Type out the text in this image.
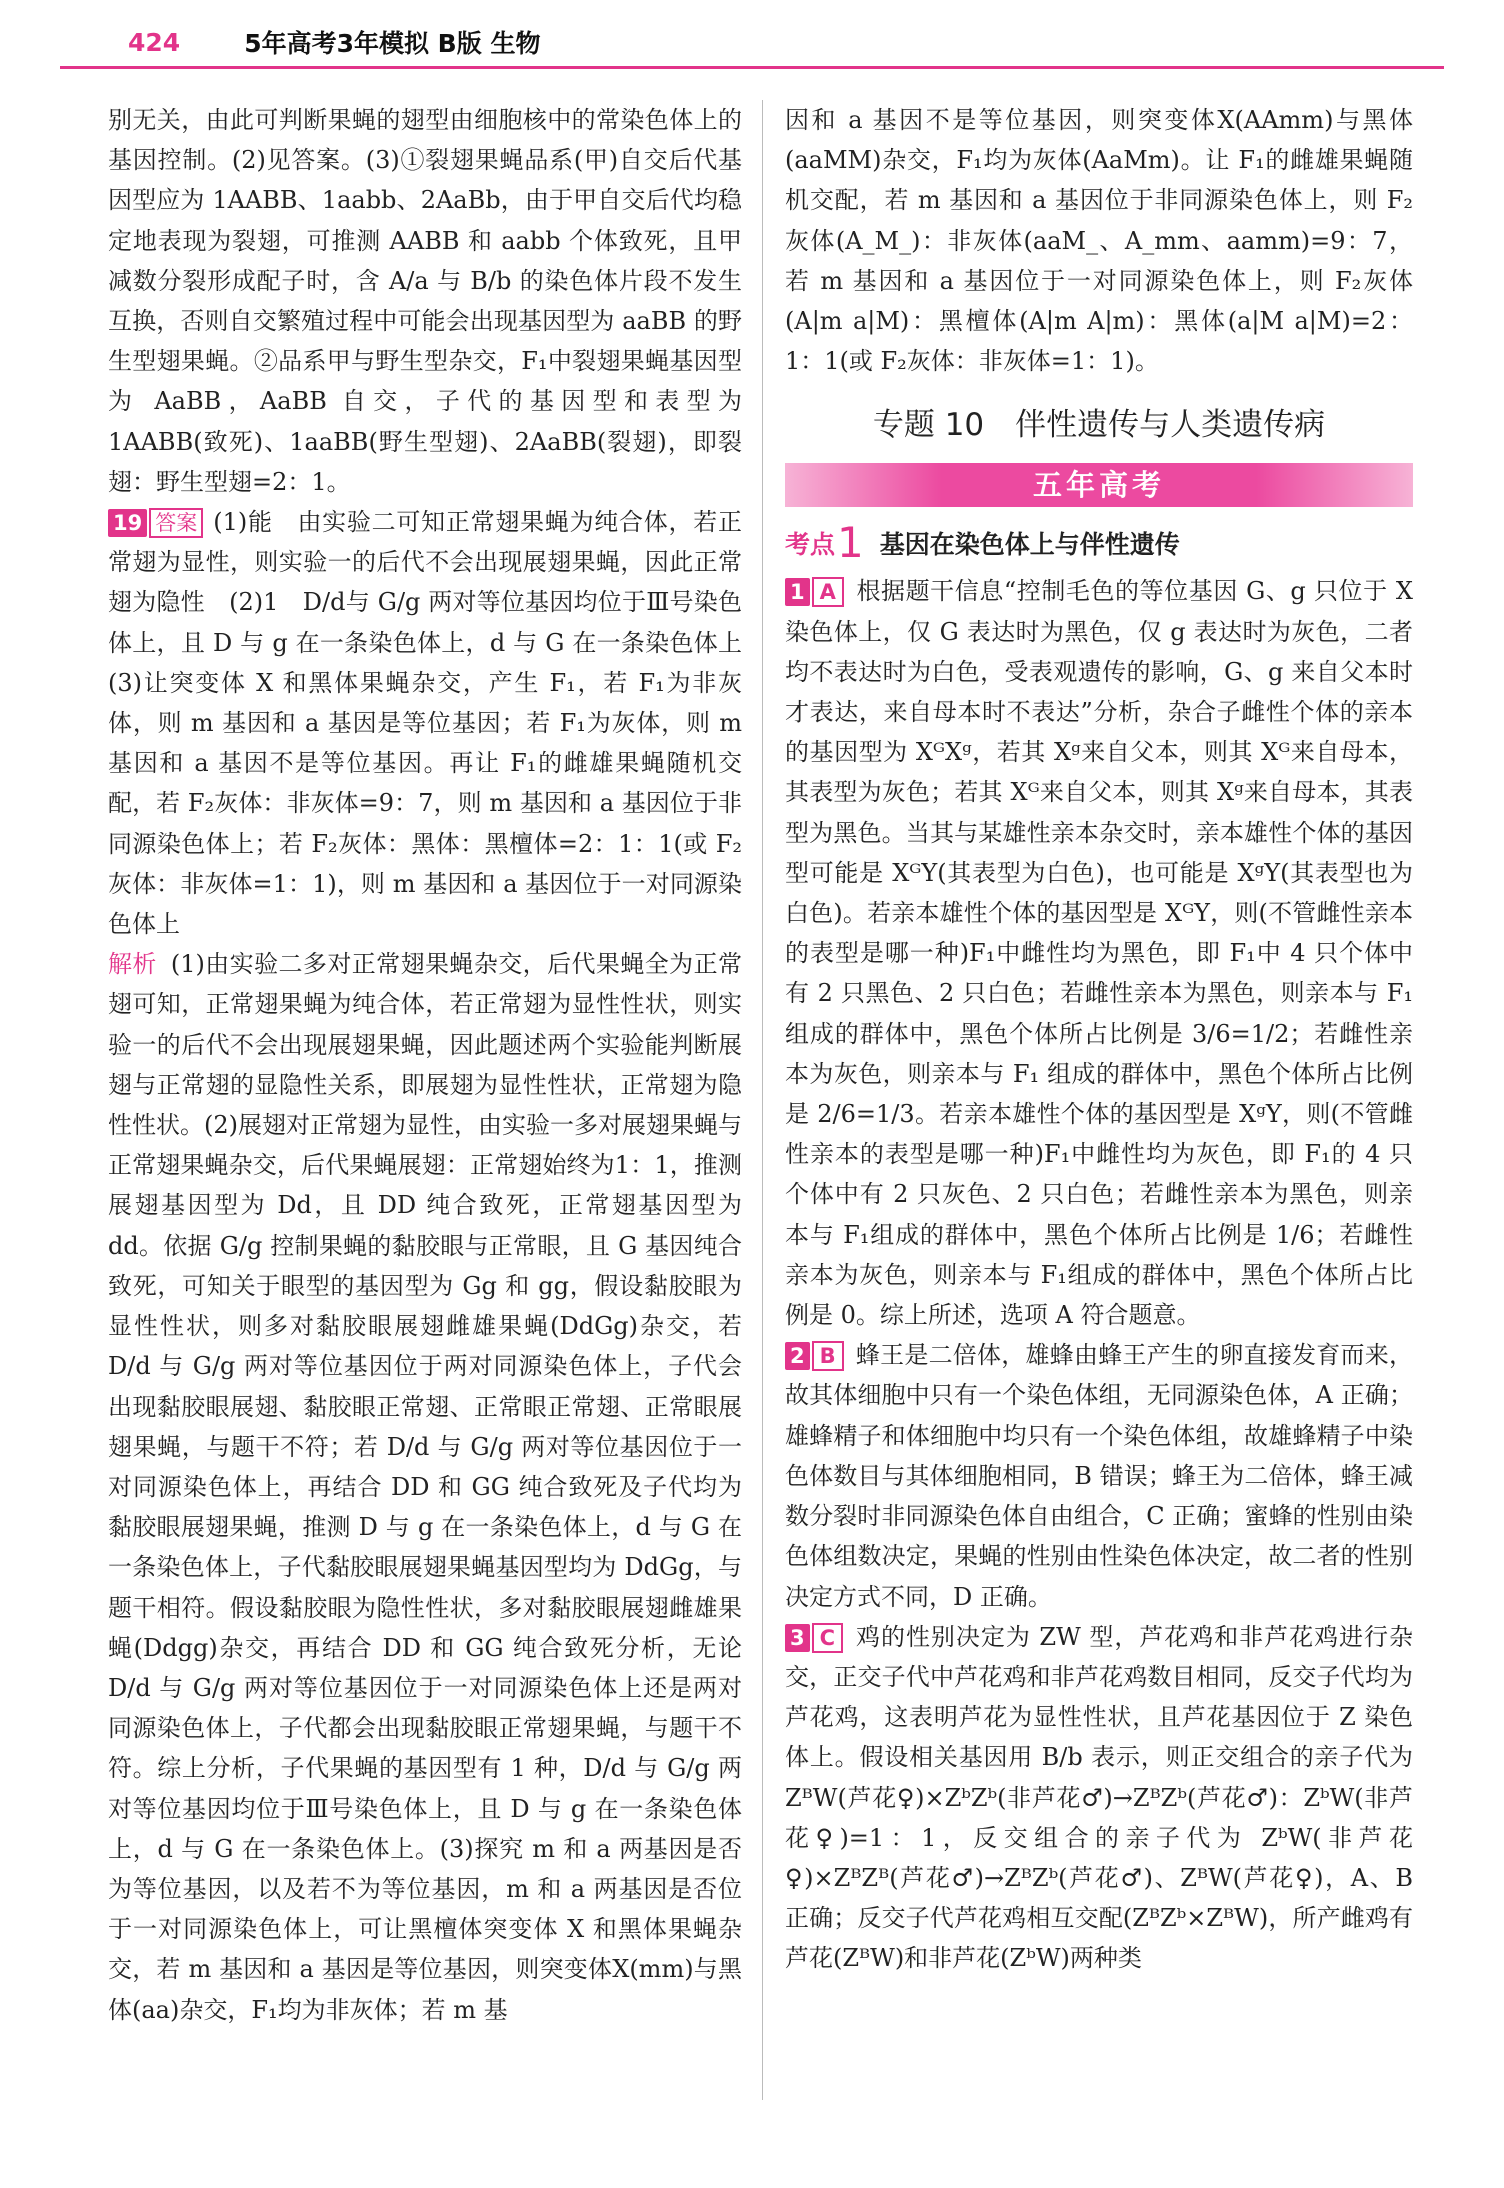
424	5年高考3年模拟 B版 生物

别无关，由此可判断果蝇的翅型由细胞核中的常染色体上的基因控制。(2)见答案。(3)①裂翅果蝇品系(甲)自交后代基因型应为 1AABB、1aabb、2AaBb，由于甲自交后代均稳定地表现为裂翅，可推测 AABB 和 aabb 个体致死，且甲减数分裂形成配子时，含 A/a 与 B/b 的染色体片段不发生互换，否则自交繁殖过程中可能会出现基因型为 aaBB 的野生型翅果蝇。②品系甲与野生型杂交，F₁中裂翅果蝇基因型为 AaBB，AaBB 自交，子代的基因型和表型为 1AABB(致死)、1aaBB(野生型翅)、2AaBB(裂翅)，即裂翅：野生型翅=2：1。

19 答案 (1)能　由实验二可知正常翅果蝇为纯合体，若正常翅为显性，则实验一的后代不会出现展翅果蝇，因此正常翅为隐性　(2)1　D/d与 G/g 两对等位基因均位于Ⅲ号染色体上，且 D 与 g 在一条染色体上，d 与 G 在一条染色体上　(3)让突变体 X 和黑体果蝇杂交，产生 F₁，若 F₁为非灰体，则 m 基因和 a 基因是等位基因；若 F₁为灰体，则 m 基因和 a 基因不是等位基因。再让 F₁的雌雄果蝇随机交配，若 F₂灰体：非灰体=9：7，则 m 基因和 a 基因位于非同源染色体上；若 F₂灰体：黑体：黑檀体=2：1：1(或 F₂灰体：非灰体=1：1)，则 m 基因和 a 基因位于一对同源染色体上

解析 (1)由实验二多对正常翅果蝇杂交，后代果蝇全为正常翅可知，正常翅果蝇为纯合体，若正常翅为显性性状，则实验一的后代不会出现展翅果蝇，因此题述两个实验能判断展翅与正常翅的显隐性关系，即展翅为显性性状，正常翅为隐性性状。(2)展翅对正常翅为显性，由实验一多对展翅果蝇与正常翅果蝇杂交，后代果蝇展翅：正常翅始终为1：1，推测展翅基因型为 Dd，且 DD 纯合致死，正常翅基因型为 dd。依据 G/g 控制果蝇的黏胶眼与正常眼，且 G 基因纯合致死，可知关于眼型的基因型为 Gg 和 gg，假设黏胶眼为显性性状，则多对黏胶眼展翅雌雄果蝇(DdGg)杂交，若 D/d 与 G/g 两对等位基因位于两对同源染色体上，子代会出现黏胶眼展翅、黏胶眼正常翅、正常眼正常翅、正常眼展翅果蝇，与题干不符；若 D/d 与 G/g 两对等位基因位于一对同源染色体上，再结合 DD 和 GG 纯合致死及子代均为黏胶眼展翅果蝇，推测 D 与 g 在一条染色体上，d 与 G 在一条染色体上，子代黏胶眼展翅果蝇基因型均为 DdGg，与题干相符。假设黏胶眼为隐性性状，多对黏胶眼展翅雌雄果蝇(Ddgg)杂交，再结合 DD 和 GG 纯合致死分析，无论 D/d 与 G/g 两对等位基因位于一对同源染色体上还是两对同源染色体上，子代都会出现黏胶眼正常翅果蝇，与题干不符。综上分析，子代果蝇的基因型有 1 种，D/d 与 G/g 两对等位基因均位于Ⅲ号染色体上，且 D 与 g 在一条染色体上，d 与 G 在一条染色体上。(3)探究 m 和 a 两基因是否为等位基因，以及若不为等位基因，m 和 a 两基因是否位于一对同源染色体上，可让黑檀体突变体 X 和黑体果蝇杂交，若 m 基因和 a 基因是等位基因，则突变体X(mm)与黑体(aa)杂交，F₁均为非灰体；若 m 基

因和 a 基因不是等位基因，则突变体X(AAmm)与黑体(aaMM)杂交，F₁均为灰体(AaMm)。让 F₁的雌雄果蝇随机交配，若 m 基因和 a 基因位于非同源染色体上，则 F₂灰体(A_M_)：非灰体(aaM_、A_mm、aamm)=9：7，若 m 基因和 a 基因位于一对同源染色体上，则 F₂灰体(A|m a|M)：黑檀体(A|m A|m)：黑体(a|M a|M)=2：1：1(或 F₂灰体：非灰体=1：1)。

专题 10　伴性遗传与人类遗传病
五年高考
考点 1 基因在染色体上与伴性遗传

1 A 根据题干信息“控制毛色的等位基因 G、g 只位于 X 染色体上，仅 G 表达时为黑色，仅 g 表达时为灰色，二者均不表达时为白色，受表观遗传的影响，G、g 来自父本时才表达，来自母本时不表达”分析，杂合子雌性个体的亲本的基因型为 XᴳXᵍ，若其 Xᵍ来自父本，则其 Xᴳ来自母本，其表型为灰色；若其 Xᴳ来自父本，则其 Xᵍ来自母本，其表型为黑色。当其与某雄性亲本杂交时，亲本雄性个体的基因型可能是 XᴳY(其表型为白色)，也可能是 XᵍY(其表型也为白色)。若亲本雄性个体的基因型是 XᴳY，则(不管雌性亲本的表型是哪一种)F₁中雌性均为黑色，即 F₁中 4 只个体中有 2 只黑色、2 只白色；若雌性亲本为黑色，则亲本与 F₁组成的群体中，黑色个体所占比例是 3/6=1/2；若雌性亲本为灰色，则亲本与 F₁ 组成的群体中，黑色个体所占比例是 2/6=1/3。若亲本雄性个体的基因型是 XᵍY，则(不管雌性亲本的表型是哪一种)F₁中雌性均为灰色，即 F₁的 4 只个体中有 2 只灰色、2 只白色；若雌性亲本为黑色，则亲本与 F₁组成的群体中，黑色个体所占比例是 1/6；若雌性亲本为灰色，则亲本与 F₁组成的群体中，黑色个体所占比例是 0。综上所述，选项 A 符合题意。

2 B 蜂王是二倍体，雄蜂由蜂王产生的卵直接发育而来，故其体细胞中只有一个染色体组，无同源染色体，A 正确；雄蜂精子和体细胞中均只有一个染色体组，故雄蜂精子中染色体数目与其体细胞相同，B 错误；蜂王为二倍体，蜂王减数分裂时非同源染色体自由组合，C 正确；蜜蜂的性别由染色体组数决定，果蝇的性别由性染色体决定，故二者的性别决定方式不同，D 正确。

3 C 鸡的性别决定为 ZW 型，芦花鸡和非芦花鸡进行杂交，正交子代中芦花鸡和非芦花鸡数目相同，反交子代均为芦花鸡，这表明芦花为显性性状，且芦花基因位于 Z 染色体上。假设相关基因用 B/b 表示，则正交组合的亲子代为 ZᴮW(芦花♀)×ZᵇZᵇ(非芦花♂)→ZᴮZᵇ(芦花♂)：ZᵇW(非芦花♀)=1：1，反交组合的亲子代为 ZᵇW(非芦花♀)×ZᴮZᴮ(芦花♂)→ZᴮZᵇ(芦花♂)、ZᴮW(芦花♀)，A、B 正确；反交子代芦花鸡相互交配(ZᴮZᵇ×ZᴮW)，所产雌鸡有芦花(ZᴮW)和非芦花(ZᵇW)两种类
